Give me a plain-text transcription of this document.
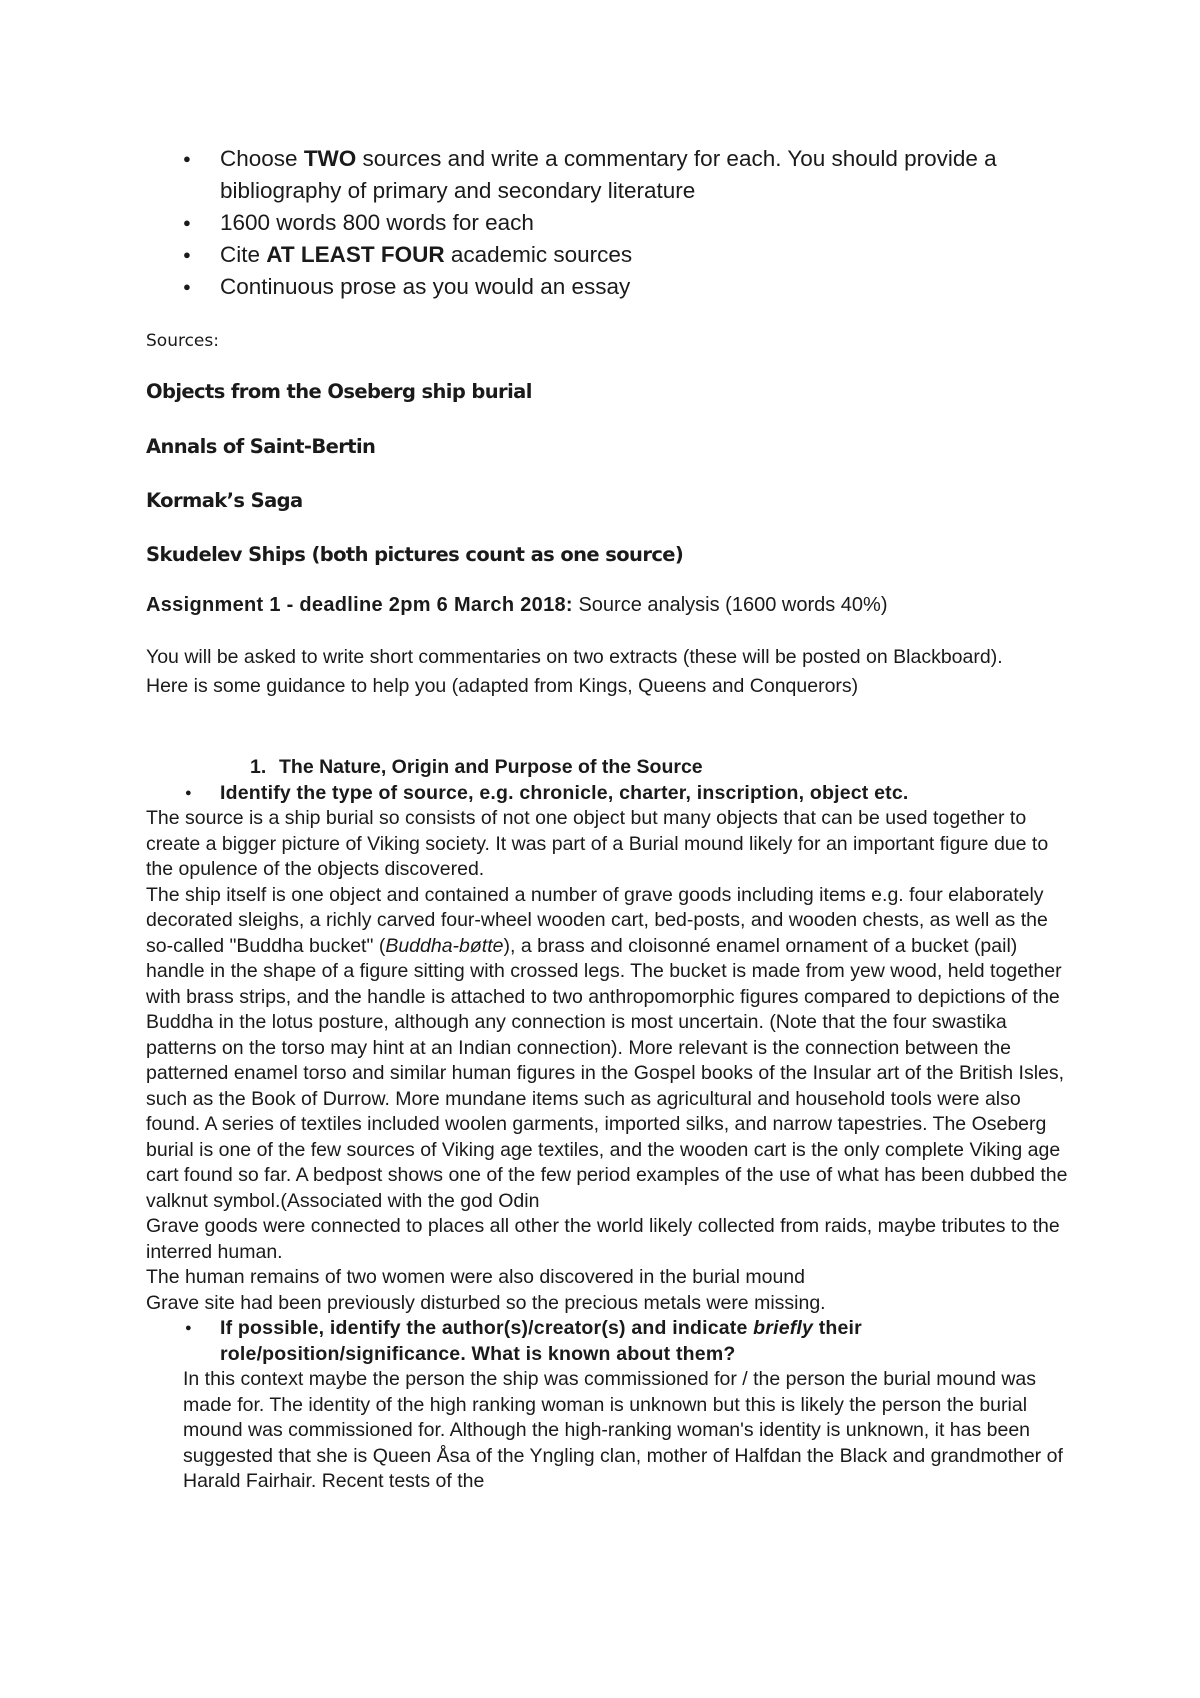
● Choose TWO sources and write a commentary for each. You should provide a
bibliography of primary and secondary literature
● 1600 words 800 words for each
● Cite AT LEAST FOUR academic sources
● Continuous prose as you would an essay
Sources:
Objects from the Oseberg ship burial
Annals of Saint-Bertin
Kormak’s Saga
Skudelev Ships (both pictures count as one source)
Assignment 1 - deadline 2pm 6 March 2018: Source analysis (1600 words 40%)

You will be asked to write short commentaries on two extracts (these will be posted on Blackboard). Here is some guidance to help you (adapted from Kings, Queens and Conquerors)

1. The Nature, Origin and Purpose of the Source
● Identify the type of source, e.g. chronicle, charter, inscription, object etc.

The source is a ship burial so consists of not one object but many objects that can be used together to create a bigger picture of Viking society. It was part of a Burial mound likely for an important figure due to the opulence of the objects discovered.

The ship itself is one object and contained a number of grave goods including items e.g. four elaborately decorated sleighs, a richly carved four-wheel wooden cart, bed-posts, and wooden chests, as well as the so-called "Buddha bucket" (Buddha-bøtte), a brass and cloisonné enamel ornament of a bucket (pail) handle in the shape of a figure sitting with crossed legs. The bucket is made from yew wood, held together with brass strips, and the handle is attached to two anthropomorphic figures compared to depictions of the Buddha in the lotus posture, although any connection is most uncertain. (Note that the four swastika patterns on the torso may hint at an Indian connection). More relevant is the connection between the patterned enamel torso and similar human figures in the Gospel books of the Insular art of the British Isles, such as the Book of Durrow. More mundane items such as agricultural and household tools were also found. A series of textiles included woolen garments, imported silks, and narrow tapestries. The Oseberg burial is one of the few sources of Viking age textiles, and the wooden cart is the only complete Viking age cart found so far. A bedpost shows one of the few period examples of the use of what has been dubbed the valknut symbol.(Associated with the god Odin

Grave goods were connected to places all other the world likely collected from raids, maybe tributes to the interred human.

The human remains of two women were also discovered in the burial mound

Grave site had been previously disturbed so the precious metals were missing.

● If possible, identify the author(s)/creator(s) and indicate briefly their role/position/significance. What is known about them?

In this context maybe the person the ship was commissioned for / the person the burial mound was made for. The identity of the high ranking woman is unknown but this is likely the person the burial mound was commissioned for. Although the high-ranking woman's identity is unknown, it has been suggested that she is Queen Åsa of the Yngling clan, mother of Halfdan the Black and grandmother of Harald Fairhair. Recent tests of the
